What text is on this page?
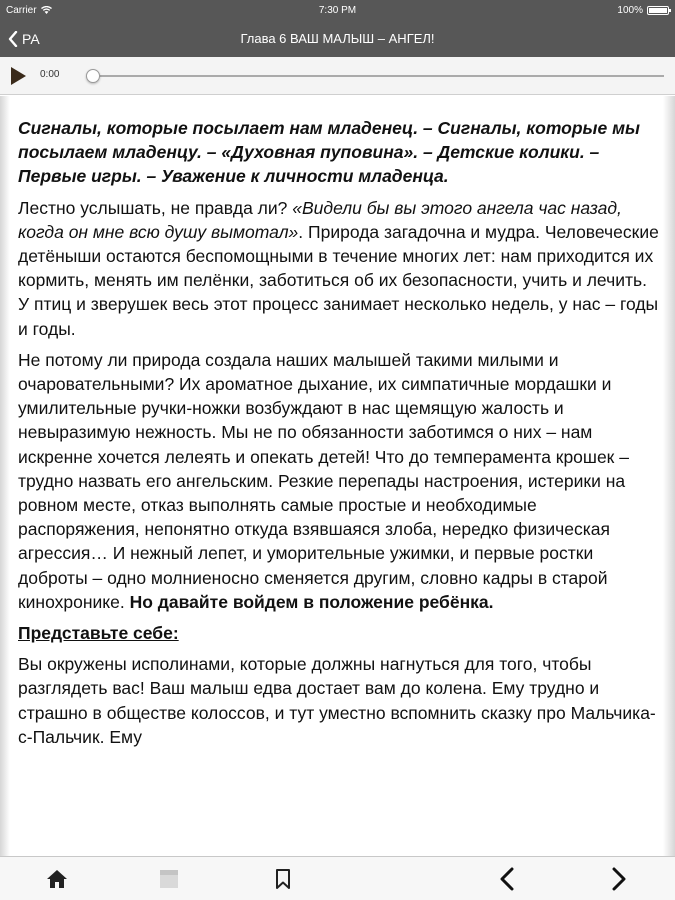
Carrier	7:30 PM	100%
РА	Глава 6 ВАШ МАЛЫШ – АНГЕЛ!
0:00

Сигналы, которые посылает нам младенец. – Сигналы, которые мы посылаем младенцу. – «Духовная пуповина». – Детские колики. – Первые игры. – Уважение к личности младенца.

Лестно услышать, не правда ли? «Видели бы вы этого ангела час назад, когда он мне всю душу вымотал». Природа загадочна и мудра. Человеческие детёныши остаются беспомощными в течение многих лет: нам приходится их кормить, менять им пелёнки, заботиться об их безопасности, учить и лечить. У птиц и зверушек весь этот процесс занимает несколько недель, у нас – годы и годы.

Не потому ли природа создала наших малышей такими милыми и очаровательными? Их ароматное дыхание, их симпатичные мордашки и умилительные ручки-ножки возбуждают в нас щемящую жалость и невыразимую нежность. Мы не по обязанности заботимся о них – нам искренне хочется лелеять и опекать детей! Что до темперамента крошек – трудно назвать его ангельским. Резкие перепады настроения, истерики на ровном месте, отказ выполнять самые простые и необходимые распоряжения, непонятно откуда взявшаяся злоба, нередко физическая агрессия… И нежный лепет, и уморительные ужимки, и первые ростки доброты – одно молниеносно сменяется другим, словно кадры в старой кинохронике. Но давайте войдем в положение ребёнка.

Представьте себе:

Вы окружены исполинами, которые должны нагнуться для того, чтобы разглядеть вас! Ваш малыш едва достает вам до колена. Ему трудно и страшно в обществе колоссов, и тут уместно вспомнить сказку про Мальчика-с-Пальчик. Ему
